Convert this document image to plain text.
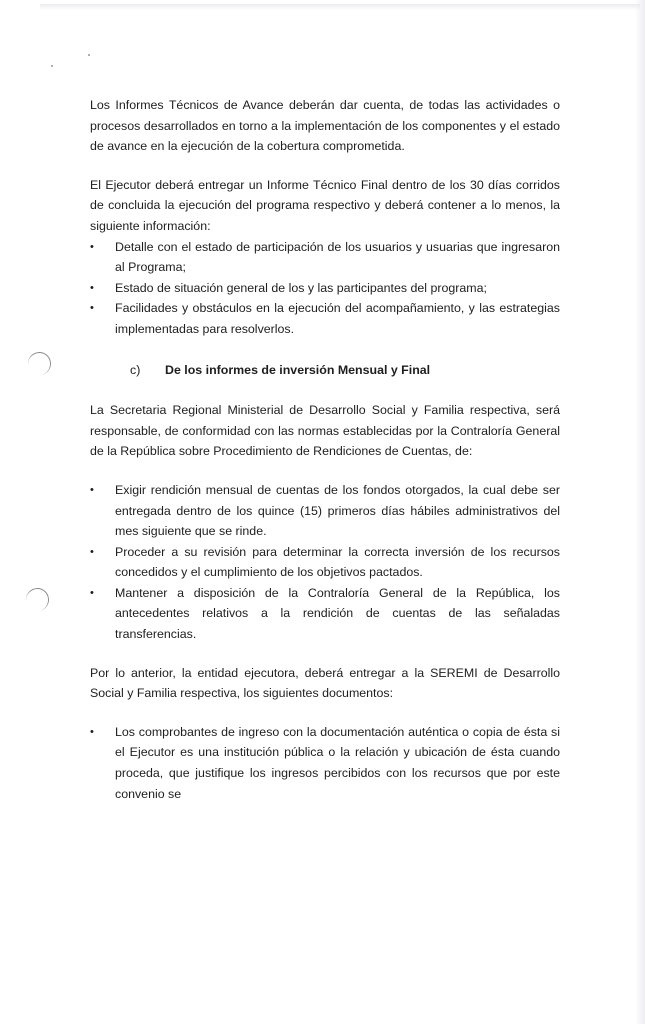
Los Informes Técnicos de Avance deberán dar cuenta, de todas las actividades o procesos desarrollados en torno a la implementación de los componentes y el estado de avance en la ejecución de la cobertura comprometida.

El Ejecutor deberá entregar un Informe Técnico Final dentro de los 30 días corridos de concluida la ejecución del programa respectivo y deberá contener a lo menos, la siguiente información:

• Detalle con el estado de participación de los usuarios y usuarias que ingresaron al Programa;
• Estado de situación general de los y las participantes del programa;
• Facilidades y obstáculos en la ejecución del acompañamiento, y las estrategias implementadas para resolverlos.
c)	De los informes de inversión Mensual y Final

La Secretaria Regional Ministerial de Desarrollo Social y Familia respectiva, será responsable, de conformidad con las normas establecidas por la Contraloría General de la República sobre Procedimiento de Rendiciones de Cuentas, de:

• Exigir rendición mensual de cuentas de los fondos otorgados, la cual debe ser entregada dentro de los quince (15) primeros días hábiles administrativos del mes siguiente que se rinde.
• Proceder a su revisión para determinar la correcta inversión de los recursos concedidos y el cumplimiento de los objetivos pactados.
• Mantener a disposición de la Contraloría General de la República, los antecedentes relativos a la rendición de cuentas de las señaladas transferencias.

Por lo anterior, la entidad ejecutora, deberá entregar a la SEREMI de Desarrollo Social y Familia respectiva, los siguientes documentos:

• Los comprobantes de ingreso con la documentación auténtica o copia de ésta si el Ejecutor es una institución pública o la relación y ubicación de ésta cuando proceda, que justifique los ingresos percibidos con los recursos que por este convenio se
